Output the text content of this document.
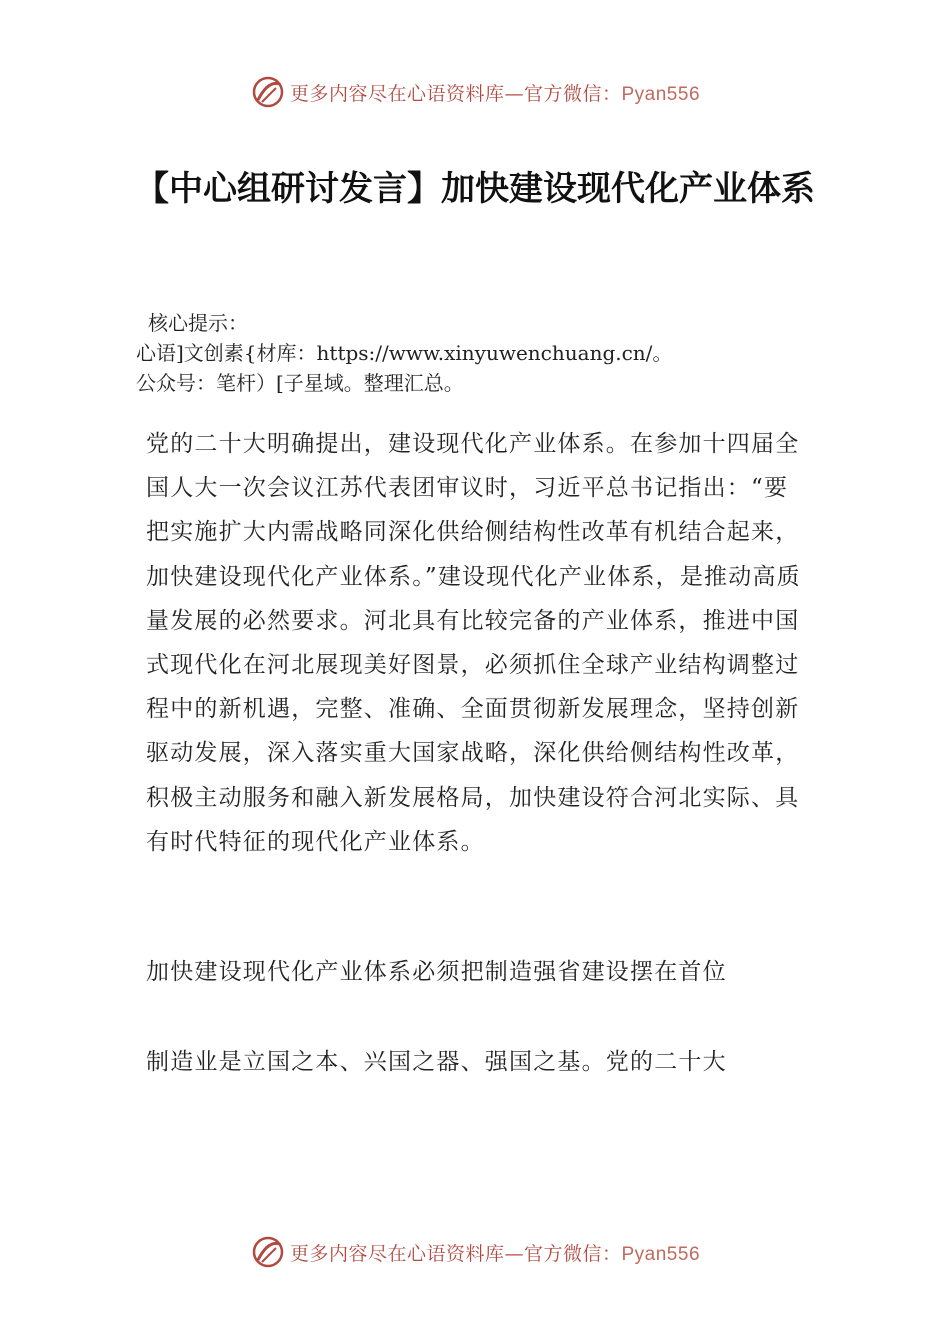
更多内容尽在心语资料库—官方微信：Pyan556
【中心组研讨发言】加快建设现代化产业体系
核心提示：
心语]文创素{材库：https://www.xinyuwenchuang.cn/。
公众号：笔杆）[子星域。整理汇总。
党的二十大明确提出，建设现代化产业体系。在参加十四届全国人大一次会议江苏代表团审议时，习近平总书记指出：“要把实施扩大内需战略同深化供给侧结构性改革有机结合起来，加快建设现代化产业体系。”建设现代化产业体系，是推动高质量发展的必然要求。河北具有比较完备的产业体系，推进中国式现代化在河北展现美好图景，必须抓住全球产业结构调整过程中的新机遇，完整、准确、全面贯彻新发展理念，坚持创新驱动发展，深入落实重大国家战略，深化供给侧结构性改革，积极主动服务和融入新发展格局，加快建设符合河北实际、具有时代特征的现代化产业体系。
加快建设现代化产业体系必须把制造强省建设摆在首位
制造业是立国之本、兴国之器、强国之基。党的二十大
更多内容尽在心语资料库—官方微信：Pyan556
